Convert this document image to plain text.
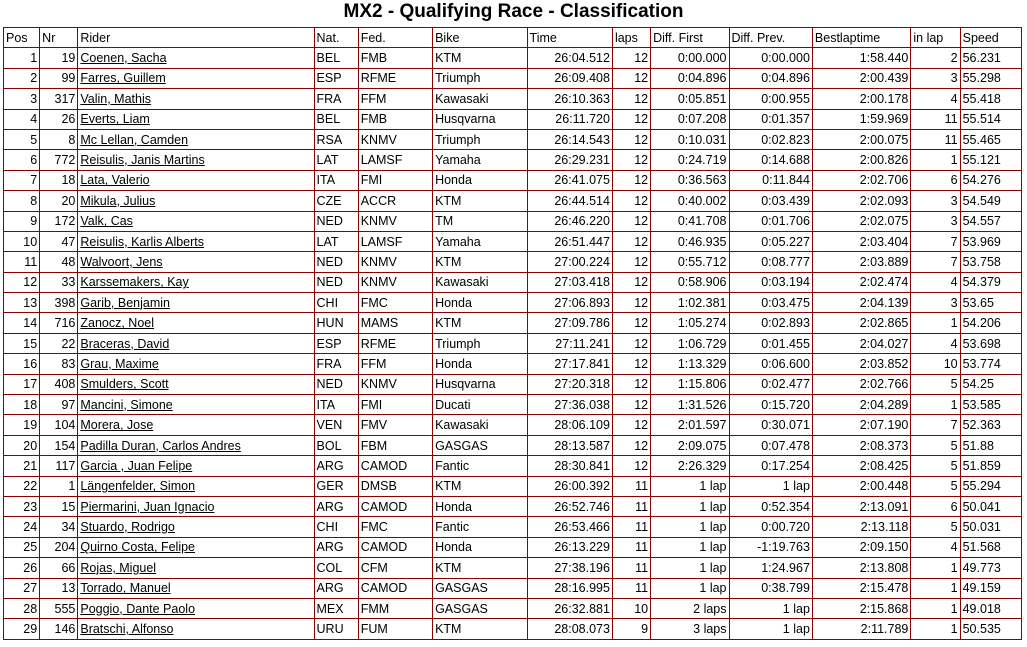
MX2 - Qualifying Race - Classification
Pos	Nr	Rider	Nat.	Fed.	Bike	Time	laps	Diff. First	Diff. Prev.	Bestlaptime	in lap	Speed
1	19	Coenen, Sacha	BEL	FMB	KTM	26:04.512	12	0:00.000	0:00.000	1:58.440	2	56.231
2	99	Farres, Guillem	ESP	RFME	Triumph	26:09.408	12	0:04.896	0:04.896	2:00.439	3	55.298
3	317	Valin, Mathis	FRA	FFM	Kawasaki	26:10.363	12	0:05.851	0:00.955	2:00.178	4	55.418
4	26	Everts, Liam	BEL	FMB	Husqvarna	26:11.720	12	0:07.208	0:01.357	1:59.969	11	55.514
5	8	Mc Lellan, Camden	RSA	KNMV	Triumph	26:14.543	12	0:10.031	0:02.823	2:00.075	11	55.465
6	772	Reisulis, Janis Martins	LAT	LAMSF	Yamaha	26:29.231	12	0:24.719	0:14.688	2:00.826	1	55.121
7	18	Lata, Valerio	ITA	FMI	Honda	26:41.075	12	0:36.563	0:11.844	2:02.706	6	54.276
8	20	Mikula, Julius	CZE	ACCR	KTM	26:44.514	12	0:40.002	0:03.439	2:02.093	3	54.549
9	172	Valk, Cas	NED	KNMV	TM	26:46.220	12	0:41.708	0:01.706	2:02.075	3	54.557
10	47	Reisulis, Karlis Alberts	LAT	LAMSF	Yamaha	26:51.447	12	0:46.935	0:05.227	2:03.404	7	53.969
11	48	Walvoort, Jens	NED	KNMV	KTM	27:00.224	12	0:55.712	0:08.777	2:03.889	7	53.758
12	33	Karssemakers, Kay	NED	KNMV	Kawasaki	27:03.418	12	0:58.906	0:03.194	2:02.474	4	54.379
13	398	Garib, Benjamin	CHI	FMC	Honda	27:06.893	12	1:02.381	0:03.475	2:04.139	3	53.65
14	716	Zanocz, Noel	HUN	MAMS	KTM	27:09.786	12	1:05.274	0:02.893	2:02.865	1	54.206
15	22	Braceras, David	ESP	RFME	Triumph	27:11.241	12	1:06.729	0:01.455	2:04.027	4	53.698
16	83	Grau, Maxime	FRA	FFM	Honda	27:17.841	12	1:13.329	0:06.600	2:03.852	10	53.774
17	408	Smulders, Scott	NED	KNMV	Husqvarna	27:20.318	12	1:15.806	0:02.477	2:02.766	5	54.25
18	97	Mancini, Simone	ITA	FMI	Ducati	27:36.038	12	1:31.526	0:15.720	2:04.289	1	53.585
19	104	Morera, Jose	VEN	FMV	Kawasaki	28:06.109	12	2:01.597	0:30.071	2:07.190	7	52.363
20	154	Padilla Duran, Carlos Andres	BOL	FBM	GASGAS	28:13.587	12	2:09.075	0:07.478	2:08.373	5	51.88
21	117	Garcia , Juan Felipe	ARG	CAMOD	Fantic	28:30.841	12	2:26.329	0:17.254	2:08.425	5	51.859
22	1	Längenfelder, Simon	GER	DMSB	KTM	26:00.392	11	1 lap	1 lap	2:00.448	5	55.294
23	15	Piermarini, Juan Ignacio	ARG	CAMOD	Honda	26:52.746	11	1 lap	0:52.354	2:13.091	6	50.041
24	34	Stuardo, Rodrigo	CHI	FMC	Fantic	26:53.466	11	1 lap	0:00.720	2:13.118	5	50.031
25	204	Quirno Costa, Felipe	ARG	CAMOD	Honda	26:13.229	11	1 lap	-1:19.763	2:09.150	4	51.568
26	66	Rojas, Miguel	COL	CFM	KTM	27:38.196	11	1 lap	1:24.967	2:13.808	1	49.773
27	13	Torrado, Manuel	ARG	CAMOD	GASGAS	28:16.995	11	1 lap	0:38.799	2:15.478	1	49.159
28	555	Poggio, Dante Paolo	MEX	FMM	GASGAS	26:32.881	10	2 laps	1 lap	2:15.868	1	49.018
29	146	Bratschi, Alfonso	URU	FUM	KTM	28:08.073	9	3 laps	1 lap	2:11.789	1	50.535
